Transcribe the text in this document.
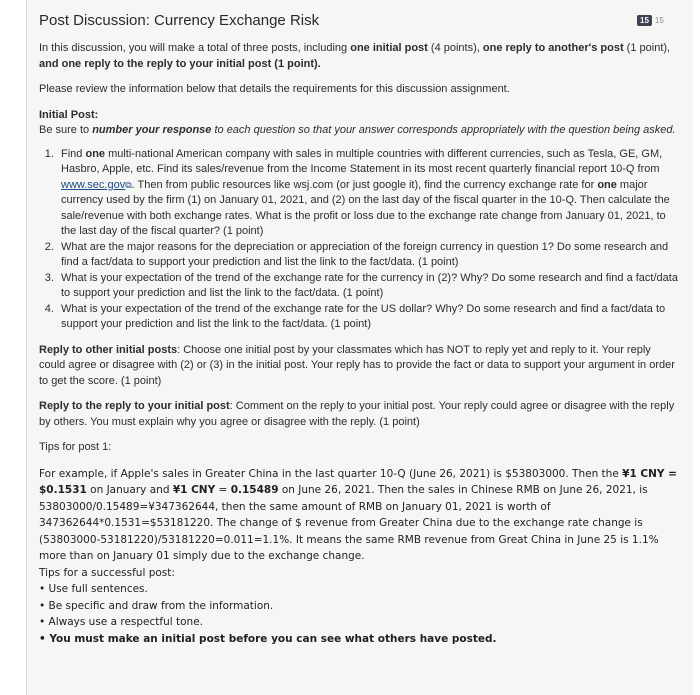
Post Discussion: Currency Exchange Risk	15 15

In this discussion, you will make a total of three posts, including one initial post (4 points), one reply to another's post (1 point), and one reply to the reply to your initial post (1 point).

Please review the information below that details the requirements for this discussion assignment.

Initial Post:

Be sure to number your response to each question so that your answer corresponds appropriately with the question being asked.

1. Find one multi-national American company with sales in multiple countries with different currencies, such as Tesla, GE, GM, Hasbro, Apple, etc. Find its sales/revenue from the Income Statement in its most recent quarterly financial report 10-Q from www.sec.gov⧉. Then from public resources like wsj.com (or just google it), find the currency exchange rate for one major currency used by the firm (1) on January 01, 2021, and (2) on the last day of the fiscal quarter in the 10-Q. Then calculate the sale/revenue with both exchange rates. What is the profit or loss due to the exchange rate change from January 01, 2021, to the last day of the fiscal quarter? (1 point)
2. What are the major reasons for the depreciation or appreciation of the foreign currency in question 1? Do some research and find a fact/data to support your prediction and list the link to the fact/data. (1 point)
3. What is your expectation of the trend of the exchange rate for the currency in (2)? Why? Do some research and find a fact/data to support your prediction and list the link to the fact/data. (1 point)
4. What is your expectation of the trend of the exchange rate for the US dollar? Why? Do some research and find a fact/data to support your prediction and list the link to the fact/data. (1 point)

Reply to other initial posts: Choose one initial post by your classmates which has NOT to reply yet and reply to it. Your reply could agree or disagree with (2) or (3) in the initial post. Your reply has to provide the fact or data to support your argument in order to get the score. (1 point)

Reply to the reply to your initial post: Comment on the reply to your initial post. Your reply could agree or disagree with the reply by others. You must explain why you agree or disagree with the reply. (1 point)

Tips for post 1:

For example, if Apple's sales in Greater China in the last quarter 10-Q (June 26, 2021) is $53803000. Then the ¥1 CNY = $0.1531 on January and ¥1 CNY = 0.15489 on June 26, 2021. Then the sales in Chinese RMB on June 26, 2021, is 53803000/0.15489=¥347362644, then the same amount of RMB on January 01, 2021 is worth of 347362644*0.1531=$53181220. The change of $ revenue from Greater China due to the exchange rate change is (53803000-53181220)/53181220=0.011=1.1%. It means the same RMB revenue from Great China in June 25 is 1.1% more than on January 01 simply due to the exchange change.

Tips for a successful post:

• Use full sentences.
• Be specific and draw from the information.
• Always use a respectful tone.
• You must make an initial post before you can see what others have posted.
